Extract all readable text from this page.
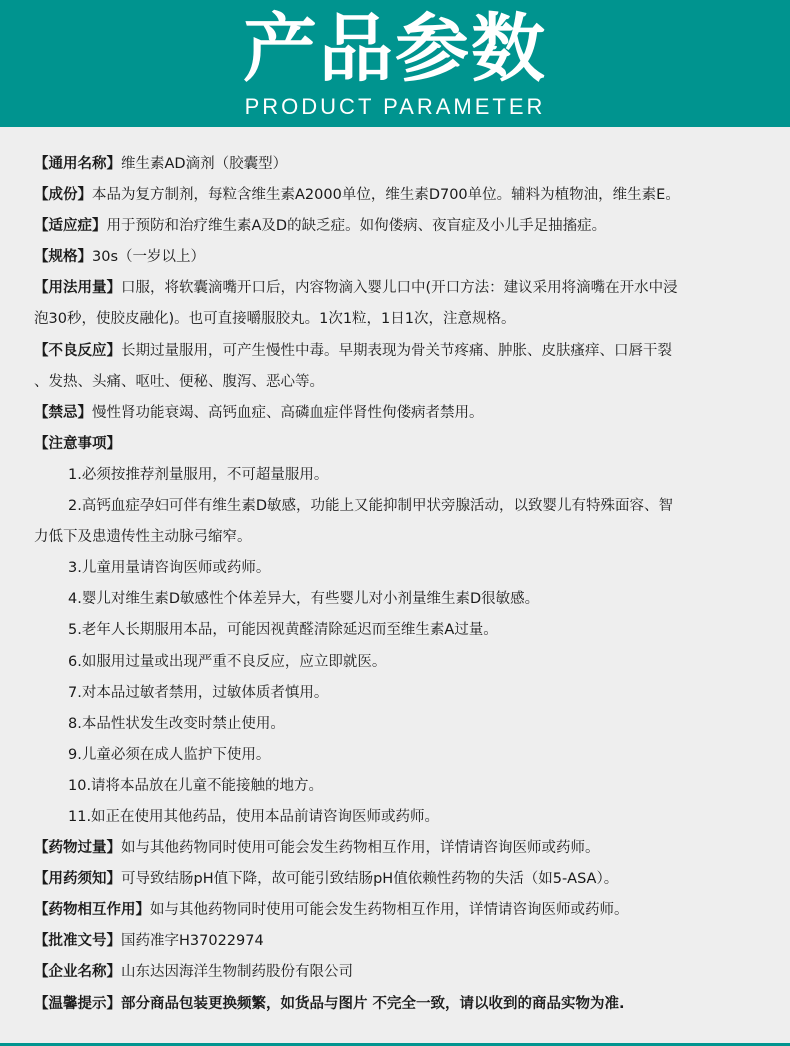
产品参数
PRODUCT PARAMETER
【通用名称】维生素AD滴剂（胶囊型）
【成份】本品为复方制剂，每粒含维生素A2000单位，维生素D700单位。辅料为植物油，维生素E。
【适应症】用于预防和治疗维生素A及D的缺乏症。如佝偻病、夜盲症及小儿手足抽搐症。
【规格】30s（一岁以上）
【用法用量】口服，将软囊滴嘴开口后，内容物滴入婴儿口中(开口方法：建议采用将滴嘴在开水中浸
泡30秒，使胶皮融化)。也可直接嚼服胶丸。1次1粒，1日1次，注意规格。
【不良反应】长期过量服用，可产生慢性中毒。早期表现为骨关节疼痛、肿胀、皮肤瘙痒、口唇干裂
、发热、头痛、呕吐、便秘、腹泻、恶心等。
【禁忌】慢性肾功能衰竭、高钙血症、高磷血症伴肾性佝偻病者禁用。
【注意事项】
1.必须按推荐剂量服用，不可超量服用。
2.高钙血症孕妇可伴有维生素D敏感，功能上又能抑制甲状旁腺活动，以致婴儿有特殊面容、智
力低下及患遗传性主动脉弓缩窄。
3.儿童用量请咨询医师或药师。
4.婴儿对维生素D敏感性个体差异大，有些婴儿对小剂量维生素D很敏感。
5.老年人长期服用本品，可能因视黄醛清除延迟而至维生素A过量。
6.如服用过量或出现严重不良反应，应立即就医。
7.对本品过敏者禁用，过敏体质者慎用。
8.本品性状发生改变时禁止使用。
9.儿童必须在成人监护下使用。
10.请将本品放在儿童不能接触的地方。
11.如正在使用其他药品，使用本品前请咨询医师或药师。
【药物过量】如与其他药物同时使用可能会发生药物相互作用，详情请咨询医师或药师。
【用药须知】可导致结肠pH值下降，故可能引致结肠pH值依赖性药物的失活（如5-ASA）。
【药物相互作用】如与其他药物同时使用可能会发生药物相互作用，详情请咨询医师或药师。
【批准文号】国药准字H37022974
【企业名称】山东达因海洋生物制药股份有限公司
【温馨提示】部分商品包装更换频繁，如货品与图片 不完全一致，请以收到的商品实物为准.
